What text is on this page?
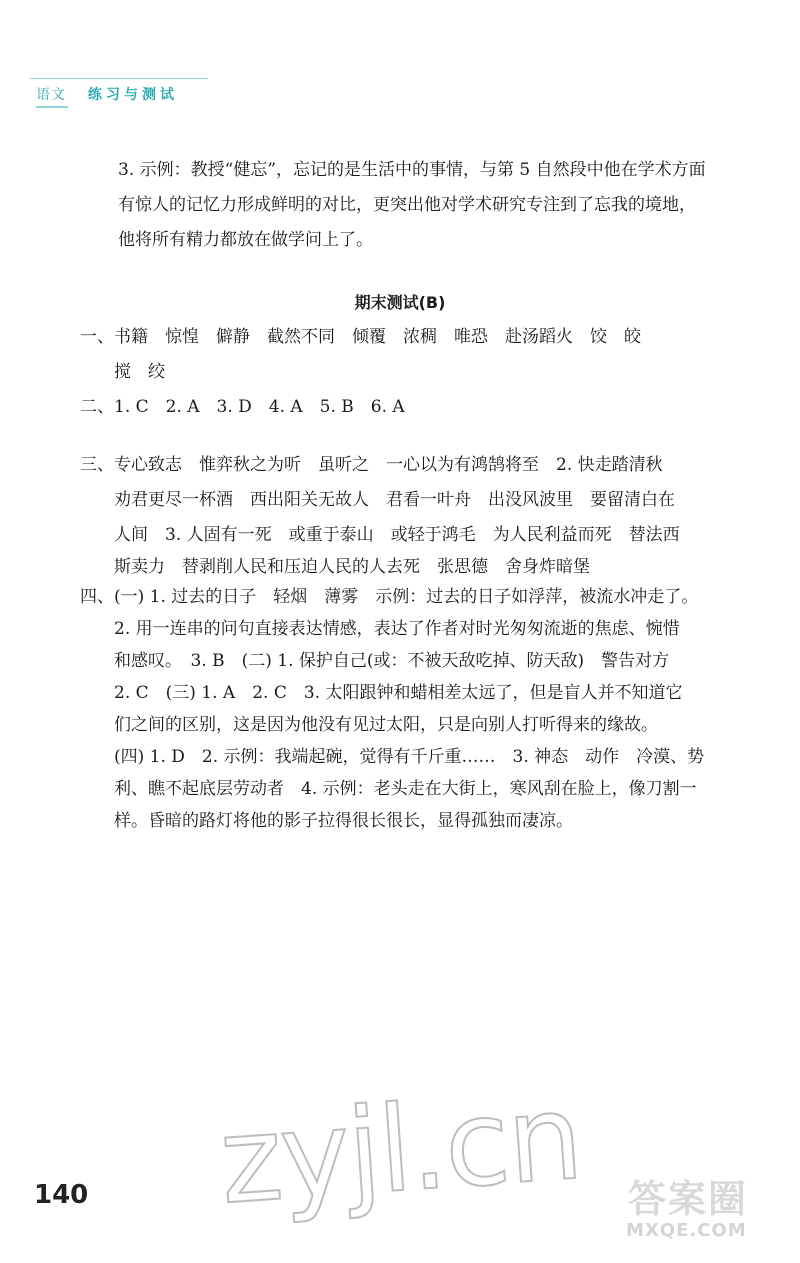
语文 练习与测试
3. 示例：教授“健忘”，忘记的是生活中的事情，与第 5 自然段中他在学术方面
有惊人的记忆力形成鲜明的对比，更突出他对学术研究专注到了忘我的境地，
他将所有精力都放在做学问上了。
期末测试(B)
一、书籍　惊惶　僻静　截然不同　倾覆　浓稠　唯恐　赴汤蹈火　饺　皎
　　搅　绞
二、1. C　2. A　3. D　4. A　5. B　6. A
三、专心致志　惟弈秋之为听　虽听之　一心以为有鸿鹄将至　2. 快走踏清秋
　　劝君更尽一杯酒　西出阳关无故人　君看一叶舟　出没风波里　要留清白在
　　人间　3. 人固有一死　或重于泰山　或轻于鸿毛　为人民利益而死　替法西
　　斯卖力　替剥削人民和压迫人民的人去死　张思德　舍身炸暗堡
四、(一) 1. 过去的日子　轻烟　薄雾　示例：过去的日子如浮萍，被流水冲走了。
　　2. 用一连串的问句直接表达情感，表达了作者对时光匆匆流逝的焦虑、惋惜
　　和感叹。　3. B　(二) 1. 保护自己(或：不被天敌吃掉、防天敌)　警告对方
　　2. C　(三) 1. A　2. C　3. 太阳跟钟和蜡相差太远了，但是盲人并不知道它
　　们之间的区别，这是因为他没有见过太阳，只是向别人打听得来的缘故。
　　(四) 1. D　2. 示例：我端起碗，觉得有千斤重……　3. 神态　动作　冷漠、势
　　利、瞧不起底层劳动者　4. 示例：老头走在大街上，寒风刮在脸上，像刀割一
　　样。昏暗的路灯将他的影子拉得很长很长，显得孤独而凄凉。
zyjl.cn
140	答案圈
MXQE.COM
